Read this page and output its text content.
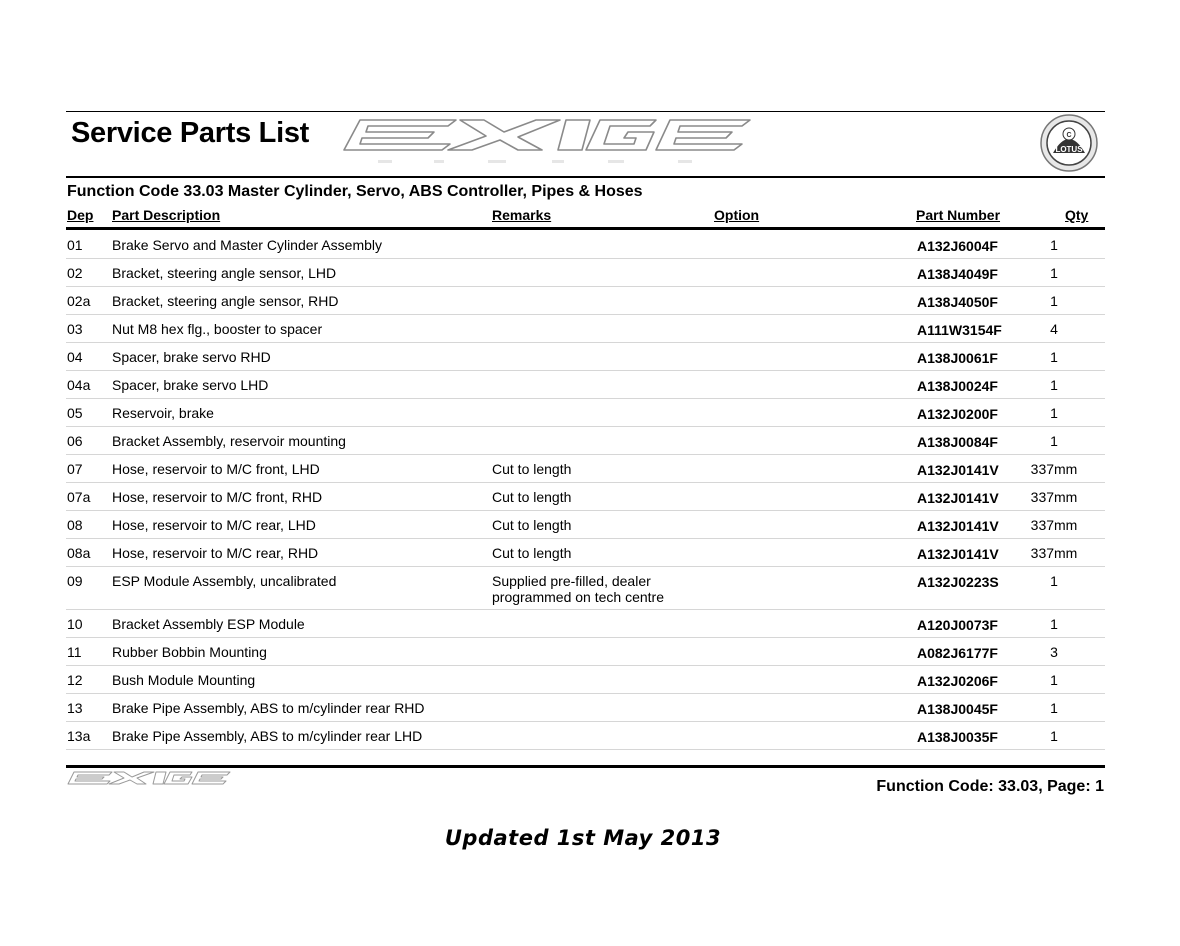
Service Parts List	C
LOTUS
Function Code 33.03 Master Cylinder, Servo, ABS Controller, Pipes & Hoses
Dep Part Description	Remarks	Option	Part Number	Qty
01 Brake Servo and Master Cylinder Assembly	A132J6004F	1
02 Bracket, steering angle sensor, LHD	A138J4049F	1
02a Bracket, steering angle sensor, RHD	A138J4050F	1
03 Nut M8 hex flg., booster to spacer	A111W3154F	4
04 Spacer, brake servo RHD	A138J0061F	1
04a Spacer, brake servo LHD	A138J0024F	1
05 Reservoir, brake	A132J0200F	1
06 Bracket Assembly, reservoir mounting	A138J0084F	1
07 Hose, reservoir to M/C front, LHD	Cut to length	A132J0141V	337mm
07a Hose, reservoir to M/C front, RHD	Cut to length	A132J0141V	337mm
08 Hose, reservoir to M/C rear, LHD	Cut to length	A132J0141V	337mm
08a Hose, reservoir to M/C rear, RHD	Cut to length	A132J0141V	337mm
09 ESP Module Assembly, uncalibrated	Supplied pre-filled, dealer	A132J0223S	1
programmed on tech centre
10 Bracket Assembly ESP Module	A120J0073F	1
11 Rubber Bobbin Mounting	A082J6177F	3
12 Bush Module Mounting	A132J0206F	1
13 Brake Pipe Assembly, ABS to m/cylinder rear RHD	A138J0045F	1
13a Brake Pipe Assembly, ABS to m/cylinder rear LHD	A138J0035F	1
Function Code: 33.03, Page: 1
Updated 1st May 2013
